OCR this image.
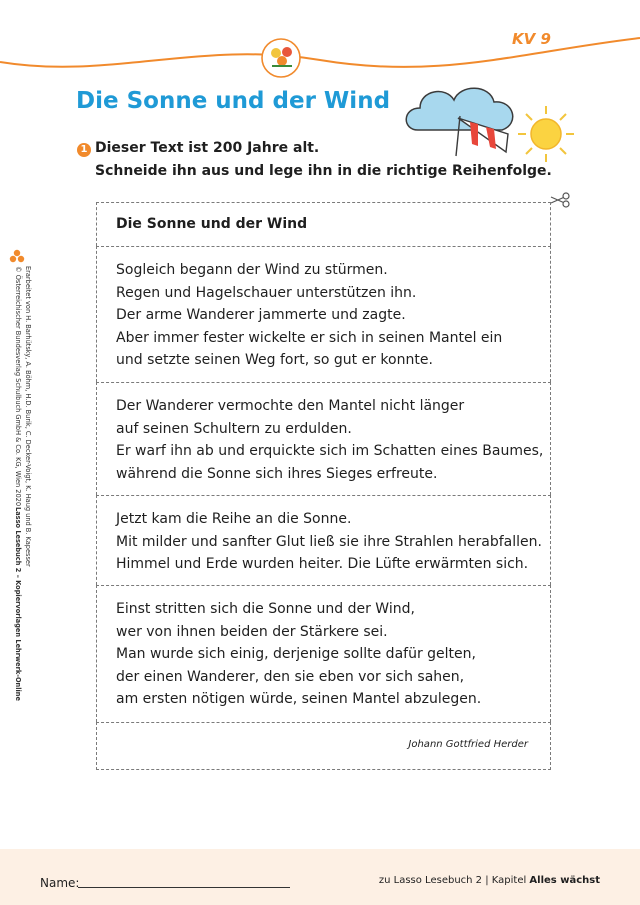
KV 9
Die Sonne und der Wind
1 Dieser Text ist 200 Jahre alt.
Schneide ihn aus und lege ihn in die richtige Reihenfolge.
Die Sonne und der Wind
Sogleich begann der Wind zu stürmen.
Regen und Hagelschauer unterstützen ihn.
Der arme Wanderer jammerte und zagte.
Aber immer fester wickelte er sich in seinen Mantel ein
und setzte seinen Weg fort, so gut er konnte.
Der Wanderer vermochte den Mantel nicht länger
auf seinen Schultern zu erdulden.
Er warf ihn ab und erquickte sich im Schatten eines Baumes,
während die Sonne sich ihres Sieges erfreute.
Jetzt kam die Reihe an die Sonne.
Mit milder und sanfter Glut ließ sie ihre Strahlen herabfallen.
Himmel und Erde wurden heiter. Die Lüfte erwärmten sich.
Einst stritten sich die Sonne und der Wind,
wer von ihnen beiden der Stärkere sei.
Man wurde sich einig, derjenige sollte dafür gelten,
der einen Wanderer, den sie eben vor sich sahen,
am ersten nötigen würde, seinen Mantel abzulegen.
Johann Gottfried Herder
© Österreichischer Bundesverlag Schulbuch GmbH & Co. KG, Wien 2020
Lasso Lesebuch 2 – Kopiervorlagen Lehrwerk-Online
Erarbeitet von H. Barhütsky, A. Böhm, H.D. Burik, C. Decker-Voigt, K. Haug und B. Kapesser
Name:	zu Lasso Lesebuch 2 | Kapitel Alles wächst
